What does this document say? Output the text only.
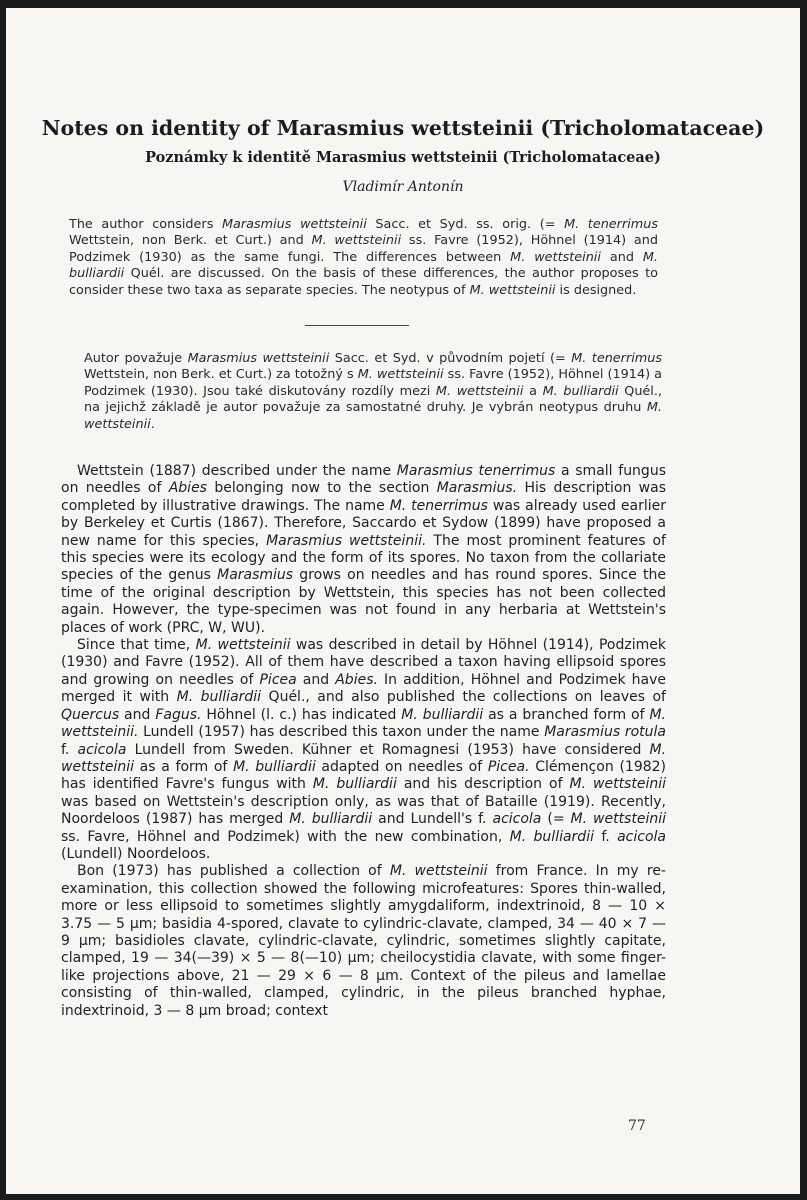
Notes on identity of Marasmius wettsteinii (Tricholomataceae)
Poznámky k identitě Marasmius wettsteinii (Tricholomataceae)
Vladimír Antonín

The author considers Marasmius wettsteinii Sacc. et Syd. ss. orig. (= M. tenerrimus Wettstein, non Berk. et Curt.) and M. wettsteinii ss. Favre (1952), Höhnel (1914) and Podzimek (1930) as the same fungi. The differences between M. wettsteinii and M. bulliardii Quél. are discussed. On the basis of these differences, the author proposes to consider these two taxa as separate species. The neotypus of M. wettsteinii is designed.

Autor považuje Marasmius wettsteinii Sacc. et Syd. v původním pojetí (= M. tenerrimus Wettstein, non Berk. et Curt.) za totožný s M. wettsteinii ss. Favre (1952), Höhnel (1914) a Podzimek (1930). Jsou také diskutovány rozdíly mezi M. wettsteinii a M. bulliardii Quél., na jejichž základě je autor považuje za samostatné druhy. Je vybrán neotypus druhu M. wettsteinii.

Wettstein (1887) described under the name Marasmius tenerrimus a small fungus on needles of Abies belonging now to the section Marasmius. His description was completed by illustrative drawings. The name M. tenerrimus was already used earlier by Berkeley et Curtis (1867). Therefore, Saccardo et Sydow (1899) have proposed a new name for this species, Marasmius wettsteinii. The most prominent features of this species were its ecology and the form of its spores. No taxon from the collariate species of the genus Marasmius grows on needles and has round spores. Since the time of the original description by Wettstein, this species has not been collected again. However, the type-specimen was not found in any herbaria at Wettstein's places of work (PRC, W, WU).

Since that time, M. wettsteinii was described in detail by Höhnel (1914), Podzimek (1930) and Favre (1952). All of them have described a taxon having ellipsoid spores and growing on needles of Picea and Abies. In addition, Höhnel and Podzimek have merged it with M. bulliardii Quél., and also published the collections on leaves of Quercus and Fagus. Höhnel (l. c.) has indicated M. bulliardii as a branched form of M. wettsteinii. Lundell (1957) has described this taxon under the name Marasmius rotula f. acicola Lundell from Sweden. Kühner et Romagnesi (1953) have considered M. wettsteinii as a form of M. bulliardii adapted on needles of Picea. Clémençon (1982) has identified Favre's fungus with M. bulliardii and his description of M. wettsteinii was based on Wettstein's description only, as was that of Bataille (1919). Recently, Noordeloos (1987) has merged M. bulliardii and Lundell's f. acicola (= M. wettsteinii ss. Favre, Höhnel and Podzimek) with the new combination, M. bulliardii f. acicola (Lundell) Noordeloos.

Bon (1973) has published a collection of M. wettsteinii from France. In my re-examination, this collection showed the following microfeatures: Spores thin-walled, more or less ellipsoid to sometimes slightly amygdaliform, indextrinoid, 8 — 10 × 3.75 — 5 µm; basidia 4-spored, clavate to cylindric-clavate, clamped, 34 — 40 × 7 — 9 µm; basidioles clavate, cylindric-clavate, cylindric, sometimes slightly capitate, clamped, 19 — 34(—39) × 5 — 8(—10) µm; cheilocystidia clavate, with some finger-like projections above, 21 — 29 × 6 — 8 µm. Context of the pileus and lamellae consisting of thin-walled, clamped, cylindric, in the pileus branched hyphae, indextrinoid, 3 — 8 µm broad; context

77
